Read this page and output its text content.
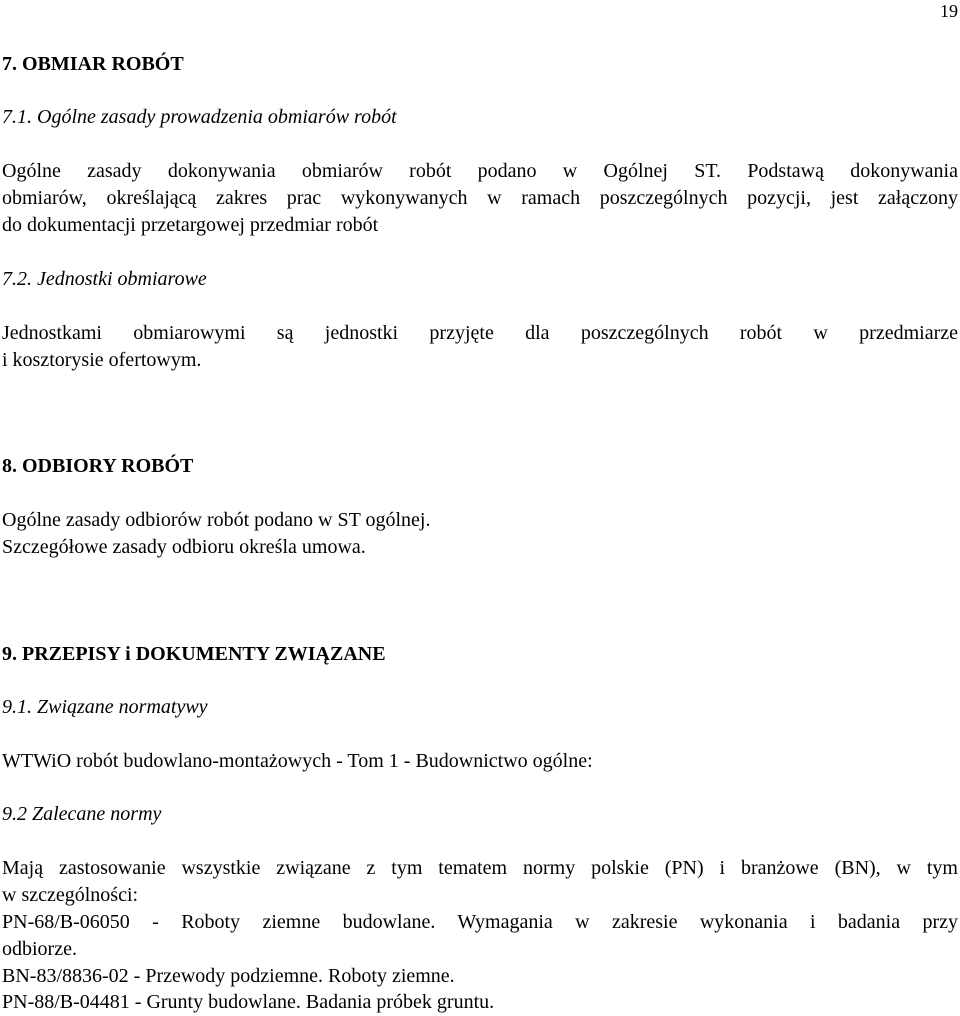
19
7. OBMIAR ROBÓT
7.1. Ogólne zasady prowadzenia obmiarów robót
Ogólne zasady dokonywania obmiarów robót podano w Ogólnej ST. Podstawą dokonywania
obmiarów, określającą zakres prac wykonywanych w ramach poszczególnych pozycji, jest załączony
do dokumentacji przetargowej przedmiar robót
7.2. Jednostki obmiarowe
Jednostkami obmiarowymi są jednostki przyjęte dla poszczególnych robót w przedmiarze
i kosztorysie ofertowym.
8. ODBIORY ROBÓT
Ogólne zasady odbiorów robót podano w ST ogólnej.
Szczegółowe zasady odbioru określa umowa.
9. PRZEPISY i DOKUMENTY ZWIĄZANE
9.1. Związane normatywy
WTWiO robót budowlano-montażowych - Tom 1 - Budownictwo ogólne:
9.2 Zalecane normy
Mają zastosowanie wszystkie związane z tym tematem normy polskie (PN) i branżowe (BN), w tym
w szczególności:
PN-68/B-06050 - Roboty ziemne budowlane. Wymagania w zakresie wykonania i badania przy
odbiorze.
BN-83/8836-02 - Przewody podziemne. Roboty ziemne.
PN-88/B-04481 - Grunty budowlane. Badania próbek gruntu.
